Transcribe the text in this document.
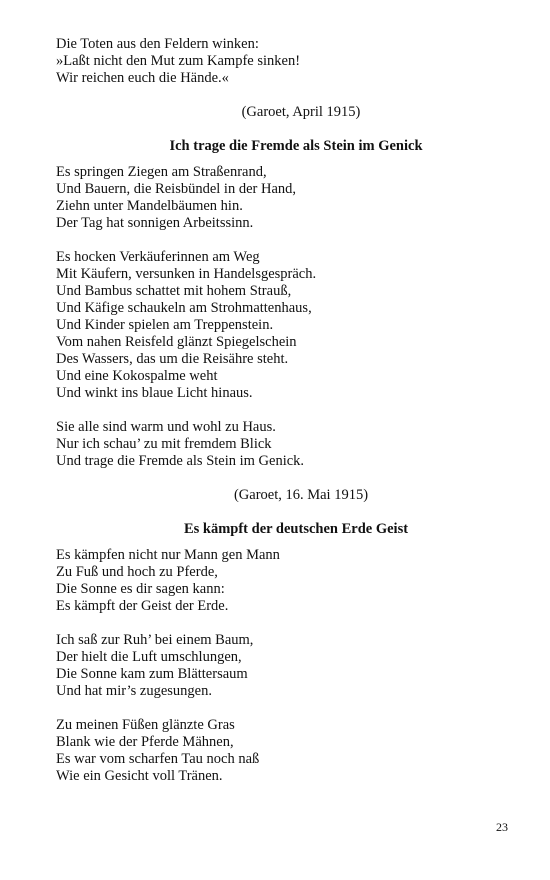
Die Toten aus den Feldern winken:
»Laßt nicht den Mut zum Kampfe sinken!
Wir reichen euch die Hände.«
(Garoet, April 1915)
Ich trage die Fremde als Stein im Genick
Es springen Ziegen am Straßenrand,
Und Bauern, die Reisbündel in der Hand,
Ziehn unter Mandelbäumen hin.
Der Tag hat sonnigen Arbeitssinn.
Es hocken Verkäuferinnen am Weg
Mit Käufern, versunken in Handelsgespräch.
Und Bambus schattet mit hohem Strauß,
Und Käfige schaukeln am Strohmattenhaus,
Und Kinder spielen am Treppenstein.
Vom nahen Reisfeld glänzt Spiegelschein
Des Wassers, das um die Reisähre steht.
Und eine Kokospalme weht
Und winkt ins blaue Licht hinaus.
Sie alle sind warm und wohl zu Haus.
Nur ich schau’ zu mit fremdem Blick
Und trage die Fremde als Stein im Genick.
(Garoet, 16. Mai 1915)
Es kämpft der deutschen Erde Geist
Es kämpfen nicht nur Mann gen Mann
Zu Fuß und hoch zu Pferde,
Die Sonne es dir sagen kann:
Es kämpft der Geist der Erde.
Ich saß zur Ruh’ bei einem Baum,
Der hielt die Luft umschlungen,
Die Sonne kam zum Blättersaum
Und hat mir’s zugesungen.
Zu meinen Füßen glänzte Gras
Blank wie der Pferde Mähnen,
Es war vom scharfen Tau noch naß
Wie ein Gesicht voll Tränen.
23
